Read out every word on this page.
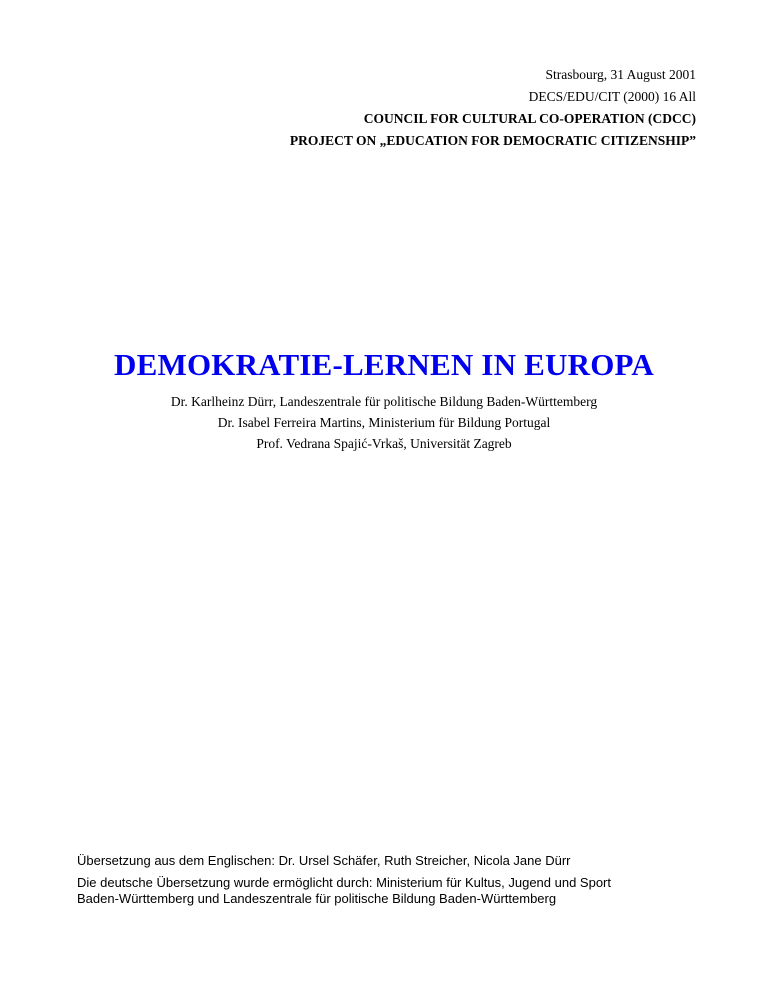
Strasbourg, 31 August 2001
DECS/EDU/CIT (2000) 16 All
COUNCIL FOR CULTURAL CO-OPERATION (CDCC)
PROJECT ON „EDUCATION FOR DEMOCRATIC CITIZENSHIP”
DEMOKRATIE-LERNEN IN EUROPA
Dr. Karlheinz Dürr, Landeszentrale für politische Bildung Baden-Württemberg
Dr. Isabel Ferreira Martins, Ministerium für Bildung Portugal
Prof. Vedrana Spajić-Vrkaš, Universität Zagreb
Übersetzung aus dem Englischen: Dr. Ursel Schäfer, Ruth Streicher, Nicola Jane Dürr
Die deutsche Übersetzung wurde ermöglicht durch: Ministerium für Kultus, Jugend und Sport
Baden-Württemberg und Landeszentrale für politische Bildung Baden-Württemberg
